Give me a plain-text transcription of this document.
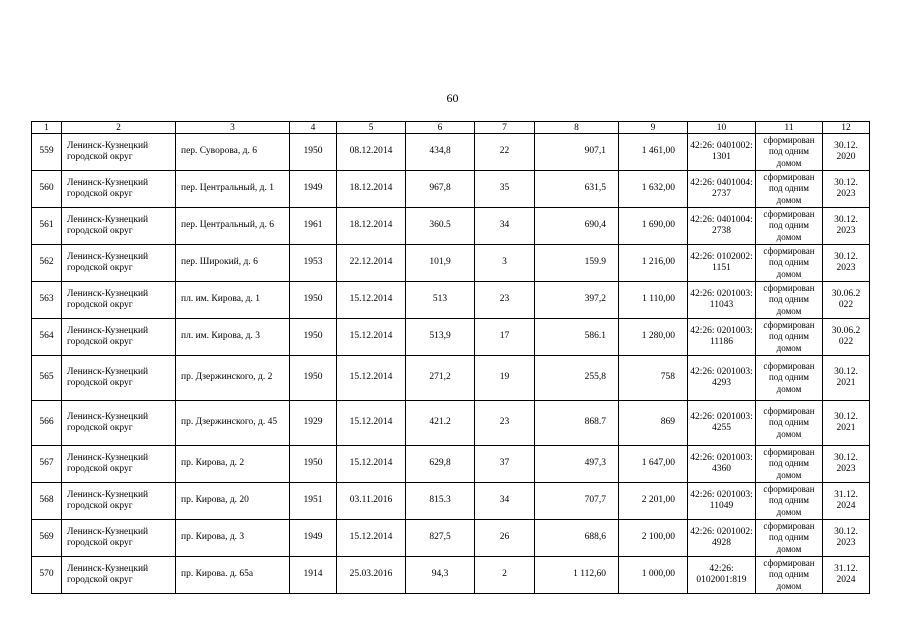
60
1	2	3	4	5	6	7	8	9	10	11	12
559	Ленинск-Кузнецкий городской округ	пер. Суворова, д. 6	1950	08.12.2014	434,8	22	907,1	1 461,00	42:26: 0401002: 1301	сформирован под одним домом	30.12. 2020
560	Ленинск-Кузнецкий городской округ	пер. Центральный, д. 1	1949	18.12.2014	967,8	35	631,5	1 632,00	42:26: 0401004: 2737	сформирован под одним домом	30.12. 2023
561	Ленинск-Кузнецкий городской округ	пер. Центральный, д. 6	1961	18.12.2014	360.5	34	690,4	1 690,00	42:26: 0401004: 2738	сформирован под одним домом	30.12. 2023
562	Ленинск-Кузнецкий городской округ	пер. Широкий, д. 6	1953	22.12.2014	101,9	3	159.9	1 216,00	42:26: 0102002: 1151	сформирован под одним домом	30.12. 2023
563	Ленинск-Кузнецкий городской округ	пл. им. Кирова, д. 1	1950	15.12.2014	513	23	397,2	1 110,00	42:26: 0201003: 11043	сформирован под одним домом	30.06.2 022
564	Ленинск-Кузнецкий городской округ	пл. им. Кирова, д. 3	1950	15.12.2014	513,9	17	586.1	1 280,00	42:26: 0201003: 11186	сформирован под одним домом	30.06.2 022
565	Ленинск-Кузнецкий городской округ	пр. Дзержинского, д. 2	1950	15.12.2014	271,2	19	255,8	758	42:26: 0201003: 4293	сформирован под одним домом	30.12. 2021
566	Ленинск-Кузнецкий городской округ	пр. Дзержинского, д. 45	1929	15.12.2014	421.2	23	868.7	869	42:26: 0201003: 4255	сформирован под одним домом	30.12. 2021
567	Ленинск-Кузнецкий городской округ	пр. Кирова, д. 2	1950	15.12.2014	629,8	37	497,3	1 647,00	42:26: 0201003: 4360	сформирован под одним домом	30.12. 2023
568	Ленинск-Кузнецкий городской округ	пр. Кирова, д. 20	1951	03.11.2016	815.3	34	707,7	2 201,00	42:26: 0201003: 11049	сформирован под одним домом	31.12. 2024
569	Ленинск-Кузнецкий городской округ	пр. Кирова, д. 3	1949	15.12.2014	827,5	26	688,6	2 100,00	42:26: 0201002: 4928	сформирован под одним домом	30.12. 2023
570	Ленинск-Кузнецкий городской округ	пр. Кирова. д. 65а	1914	25.03.2016	94,3	2	1 112,60	1 000,00	42:26: 0102001:819	сформирован под одним домом	31.12. 2024
